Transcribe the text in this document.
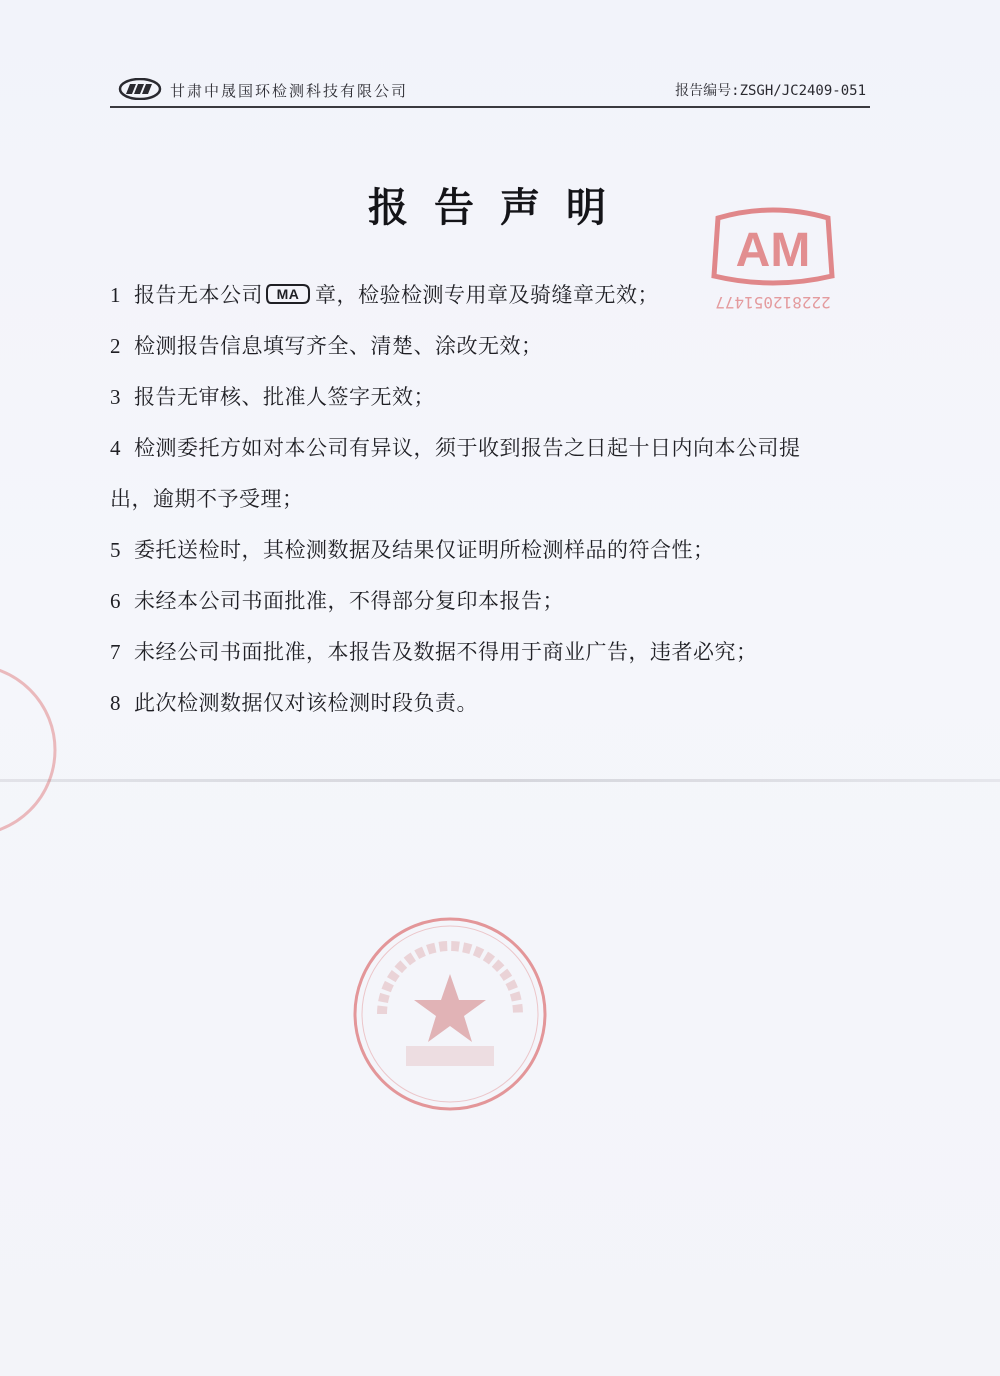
甘肃中晟国环检测科技有限公司	报告编号:ZSGH/JC2409-051
报告声明
1 报告无本公司 MA 章，检验检测专用章及骑缝章无效；
2 检测报告信息填写齐全、清楚、涂改无效；
3 报告无审核、批准人签字无效；
4 检测委托方如对本公司有异议，须于收到报告之日起十日内向本公司提
出，逾期不予受理；
5 委托送检时，其检测数据及结果仅证明所检测样品的符合性；
6 未经本公司书面批准，不得部分复印本报告；
7 未经公司书面批准，本报告及数据不得用于商业广告，违者必究；
8 此次检测数据仅对该检测时段负责。
AM
222812051477
